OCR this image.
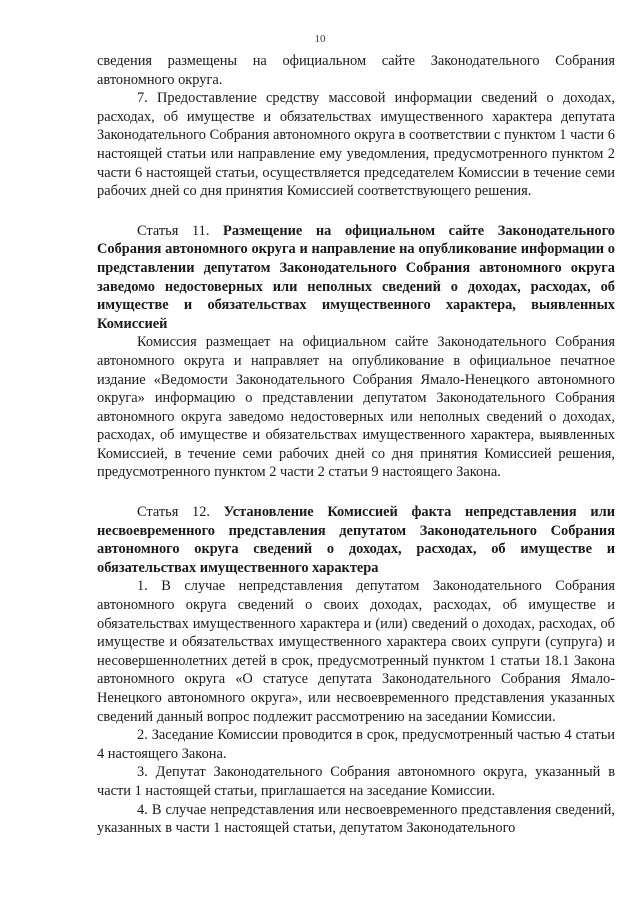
10

сведения размещены на официальном сайте Законодательного Собрания автономного округа.

7. Предоставление средству массовой информации сведений о доходах, расходах, об имуществе и обязательствах имущественного характера депутата Законодательного Собрания автономного округа в соответствии с пунктом 1 части 6 настоящей статьи или направление ему уведомления, предусмотренного пунктом 2 части 6 настоящей статьи, осуществляется председателем Комиссии в течение семи рабочих дней со дня принятия Комиссией соответствующего решения.

Статья 11. Размещение на официальном сайте Законодательного Собрания автономного округа и направление на опубликование информации о представлении депутатом Законодательного Собрания автономного округа заведомо недостоверных или неполных сведений о доходах, расходах, об имуществе и обязательствах имущественного характера, выявленных Комиссией

Комиссия размещает на официальном сайте Законодательного Собрания автономного округа и направляет на опубликование в официальное печатное издание «Ведомости Законодательного Собрания Ямало-Ненецкого автономного округа» информацию о представлении депутатом Законодательного Собрания автономного округа заведомо недостоверных или неполных сведений о доходах, расходах, об имуществе и обязательствах имущественного характера, выявленных Комиссией, в течение семи рабочих дней со дня принятия Комиссией решения, предусмотренного пунктом 2 части 2 статьи 9 настоящего Закона.

Статья 12. Установление Комиссией факта непредставления или несвоевременного представления депутатом Законодательного Собрания автономного округа сведений о доходах, расходах, об имуществе и обязательствах имущественного характера

1. В случае непредставления депутатом Законодательного Собрания автономного округа сведений о своих доходах, расходах, об имуществе и обязательствах имущественного характера и (или) сведений о доходах, расходах, об имуществе и обязательствах имущественного характера своих супруги (супруга) и несовершеннолетних детей в срок, предусмотренный пунктом 1 статьи 18.1 Закона автономного округа «О статусе депутата Законодательного Собрания Ямало-Ненецкого автономного округа», или несвоевременного представления указанных сведений данный вопрос подлежит рассмотрению на заседании Комиссии.

2. Заседание Комиссии проводится в срок, предусмотренный частью 4 статьи 4 настоящего Закона.

3. Депутат Законодательного Собрания автономного округа, указанный в части 1 настоящей статьи, приглашается на заседание Комиссии.

4. В случае непредставления или несвоевременного представления сведений, указанных в части 1 настоящей статьи, депутатом Законодательного
